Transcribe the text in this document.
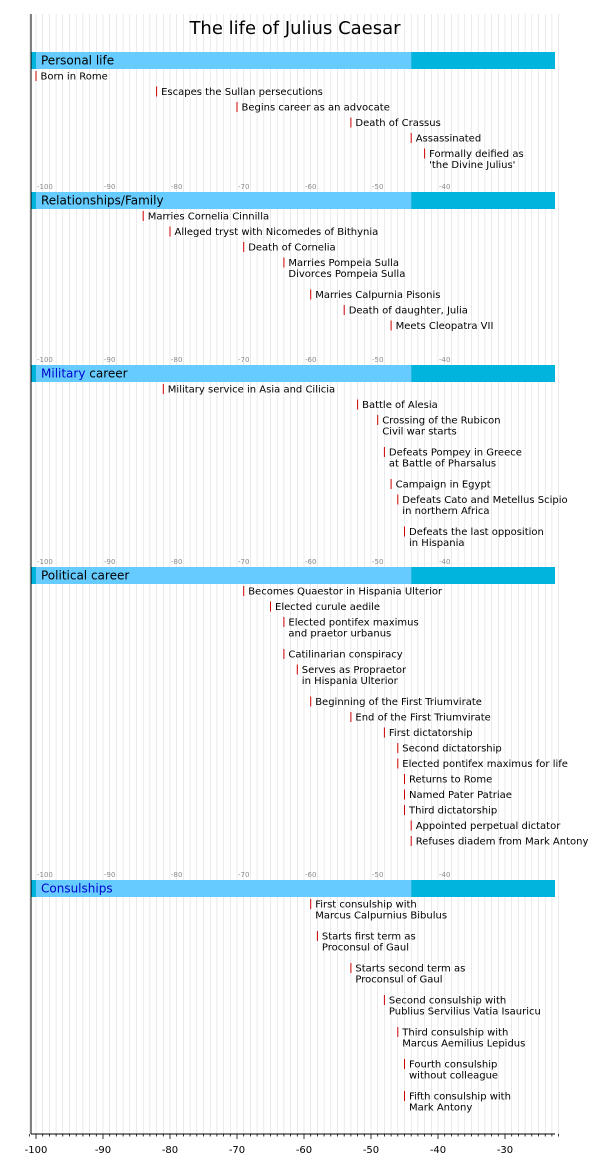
Personal life
Born in Rome
Escapes the Sullan persecutions
Begins career as an advocate
Death of Crassus
Assassinated
Formally deified as
'the Divine Julius'
-100	-90	-80	-70	-60	-50	-40
Relationships/Family
Marries Cornelia Cinnilla
Alleged tryst with Nicomedes of Bithynia
Death of Cornelia
Marries Pompeia Sulla
Divorces Pompeia Sulla
Marries Calpurnia Pisonis
Death of daughter, Julia
Meets Cleopatra VII
-100	-90	-80	-70	-60	-50	-40
Military career
Military service in Asia and Cilicia
Battle of Alesia
Crossing of the Rubicon
Civil war starts
Defeats Pompey in Greece
at Battle of Pharsalus
Campaign in Egypt
Defeats Cato and Metellus Scipio
in northern Africa
Defeats the last opposition
in Hispania
-100	-90	-80	-70	-60	-50	-40
Political career
Becomes Quaestor in Hispania Ulterior
Elected curule aedile
Elected pontifex maximus
and praetor urbanus
Catilinarian conspiracy
Serves as Propraetor
in Hispania Ulterior
Beginning of the First Triumvirate
End of the First Triumvirate
First dictatorship
Second dictatorship
Elected pontifex maximus for life
Returns to Rome
Named Pater Patriae
Third dictatorship
Appointed perpetual dictator
Refuses diadem from Mark Antony
-100	-90	-80	-70	-60	-50	-40
Consulships
First consulship with
Marcus Calpurnius Bibulus
Starts first term as
Proconsul of Gaul
Starts second term as
Proconsul of Gaul
Second consulship with
Publius Servilius Vatia Isauricu
Third consulship with
Marcus Aemilius Lepidus
Fourth consulship
without colleague
Fifth consulship with
Mark Antony
-100	-90	-80	-70	-60	-50	-40	-30
The life of Julius Caesar
